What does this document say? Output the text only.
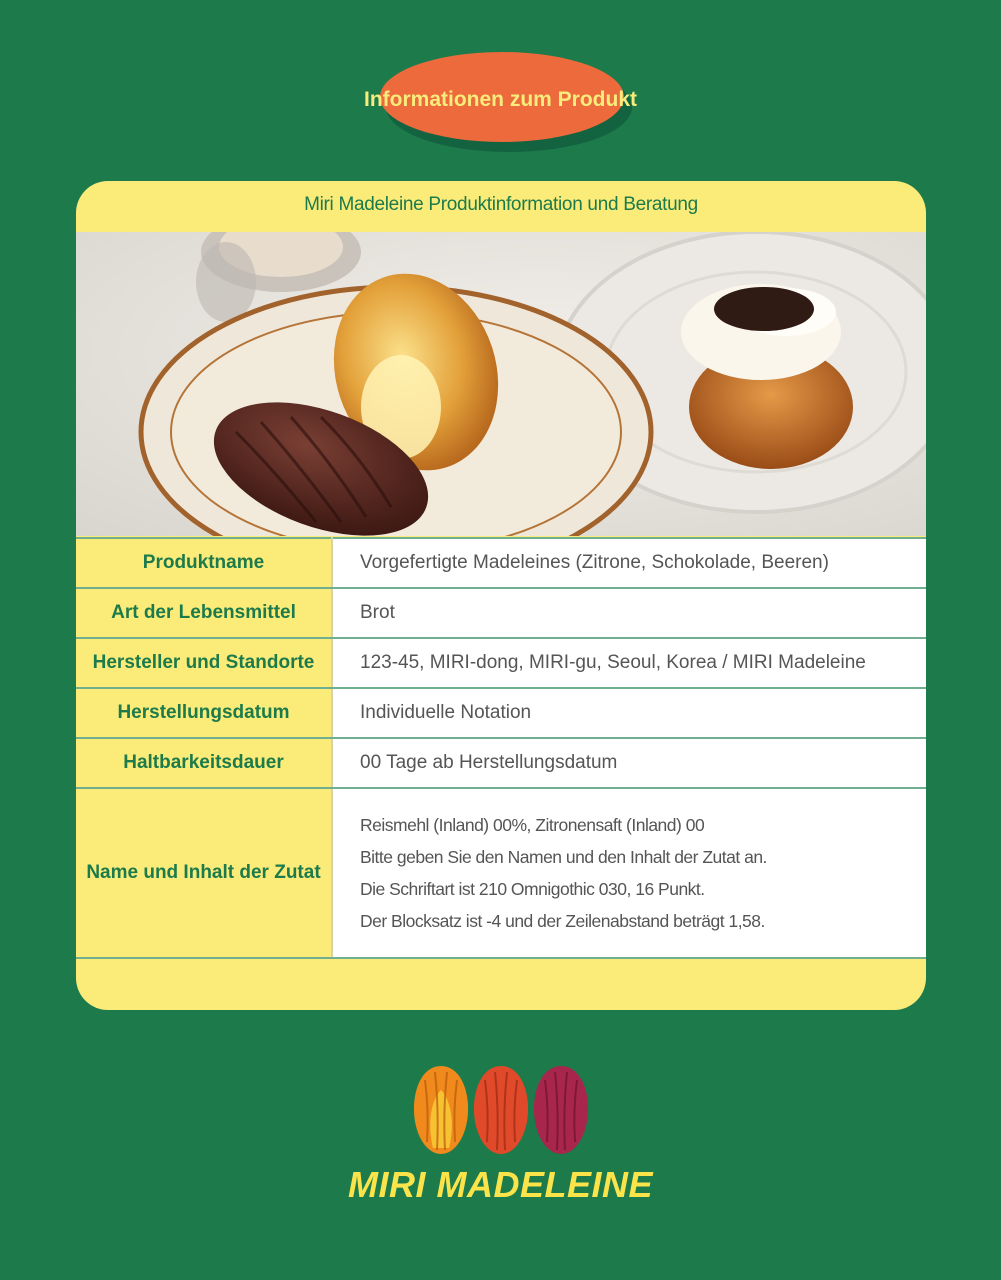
Informationen zum Produkt
Miri Madeleine Produktinformation und Beratung
Produktname	Vorgefertigte Madeleines (Zitrone, Schokolade, Beeren)
Art der Lebensmittel	Brot
Hersteller und Standorte	123-45, MIRI-dong, MIRI-gu, Seoul, Korea / MIRI Madeleine
Herstellungsdatum	Individuelle Notation
Haltbarkeitsdauer	00 Tage ab Herstellungsdatum
Name und Inhalt der Zutat	Reismehl (Inland) 00%, Zitronensaft (Inland) 00
Bitte geben Sie den Namen und den Inhalt der Zutat an.
Die Schriftart ist 210 Omnigothic 030, 16 Punkt.
Der Blocksatz ist -4 und der Zeilenabstand beträgt 1,58.
MIRI MADELEINE
